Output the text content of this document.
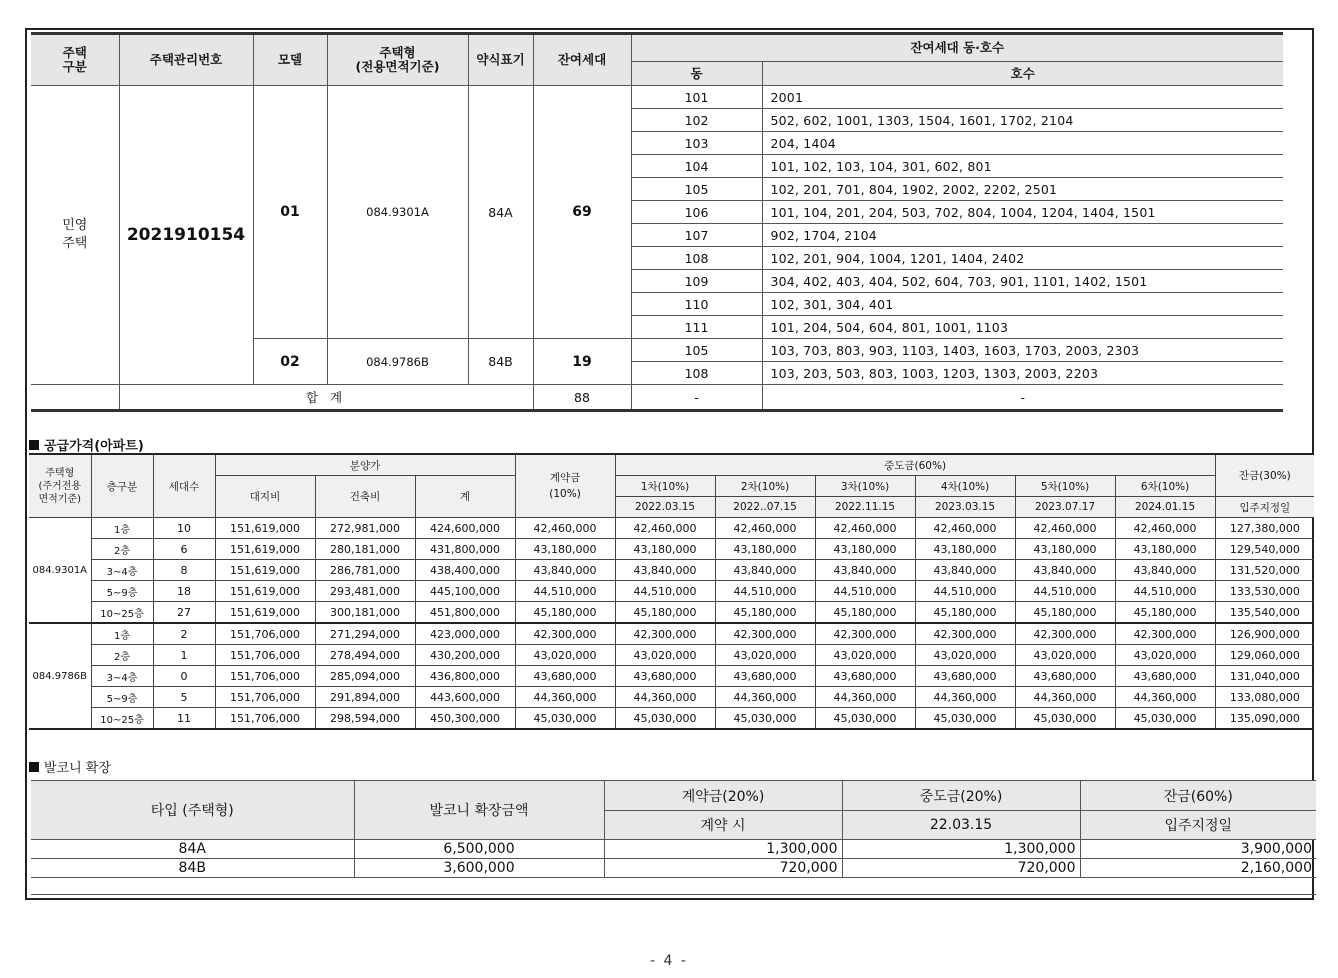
주택
구분	주택관리번호	모델	주택형
(전용면적기준)	약식표기	잔여세대	잔여세대 동·호수	
						동	호수
민영
주택	2021910154	01	084.9301A	84A	69	101	2001
						102	502, 602, 1001, 1303, 1504, 1601, 1702, 2104
						103	204, 1404
						104	101, 102, 103, 104, 301, 602, 801
						105	102, 201, 701, 804, 1902, 2002, 2202, 2501
						106	101, 104, 201, 204, 503, 702, 804, 1004, 1204, 1404, 1501
						107	902, 1704, 2104
						108	102, 201, 904, 1004, 1201, 1404, 2402
						109	304, 402, 403, 404, 502, 604, 703, 901, 1101, 1402, 1501
						110	102, 301, 304, 401
						111	101, 204, 504, 604, 801, 1001, 1103
		02	084.9786B	84B	19	105	103, 703, 803, 903, 1103, 1403, 1603, 1703, 2003, 2303
						108	103, 203, 503, 803, 1003, 1203, 1303, 2003, 2203
	합 계				88	-	-
공급가격(아파트)
주택형
(주거전용
면적기준)	층구분	세대수	분양가			계약금
(10%)	중도금(60%)						잔금(30%)
			대지비	건축비	계		1차(10%)	2차(10%)	3차(10%)	4차(10%)	5차(10%)	6차(10%)	
							2022.03.15	2022..07.15	2022.11.15	2023.03.15	2023.07.17	2024.01.15	입주지정일
084.9301A	1층	10	151,619,000	272,981,000	424,600,000	42,460,000	42,460,000	42,460,000	42,460,000	42,460,000	42,460,000	42,460,000	127,380,000
	2층	6	151,619,000	280,181,000	431,800,000	43,180,000	43,180,000	43,180,000	43,180,000	43,180,000	43,180,000	43,180,000	129,540,000
	3~4층	8	151,619,000	286,781,000	438,400,000	43,840,000	43,840,000	43,840,000	43,840,000	43,840,000	43,840,000	43,840,000	131,520,000
	5~9층	18	151,619,000	293,481,000	445,100,000	44,510,000	44,510,000	44,510,000	44,510,000	44,510,000	44,510,000	44,510,000	133,530,000
	10~25층	27	151,619,000	300,181,000	451,800,000	45,180,000	45,180,000	45,180,000	45,180,000	45,180,000	45,180,000	45,180,000	135,540,000
084.9786B	1층	2	151,706,000	271,294,000	423,000,000	42,300,000	42,300,000	42,300,000	42,300,000	42,300,000	42,300,000	42,300,000	126,900,000
	2층	1	151,706,000	278,494,000	430,200,000	43,020,000	43,020,000	43,020,000	43,020,000	43,020,000	43,020,000	43,020,000	129,060,000
	3~4층	0	151,706,000	285,094,000	436,800,000	43,680,000	43,680,000	43,680,000	43,680,000	43,680,000	43,680,000	43,680,000	131,040,000
	5~9층	5	151,706,000	291,894,000	443,600,000	44,360,000	44,360,000	44,360,000	44,360,000	44,360,000	44,360,000	44,360,000	133,080,000
	10~25층	11	151,706,000	298,594,000	450,300,000	45,030,000	45,030,000	45,030,000	45,030,000	45,030,000	45,030,000	45,030,000	135,090,000
발코니 확장
타입 (주택형)	발코니 확장금액	계약금(20%)	중도금(20%)	잔금(60%)
		계약 시	22.03.15	입주지정일
84A	6,500,000	1,300,000	1,300,000	3,900,000
84B	3,600,000	720,000	720,000	2,160,000

- 4 -
